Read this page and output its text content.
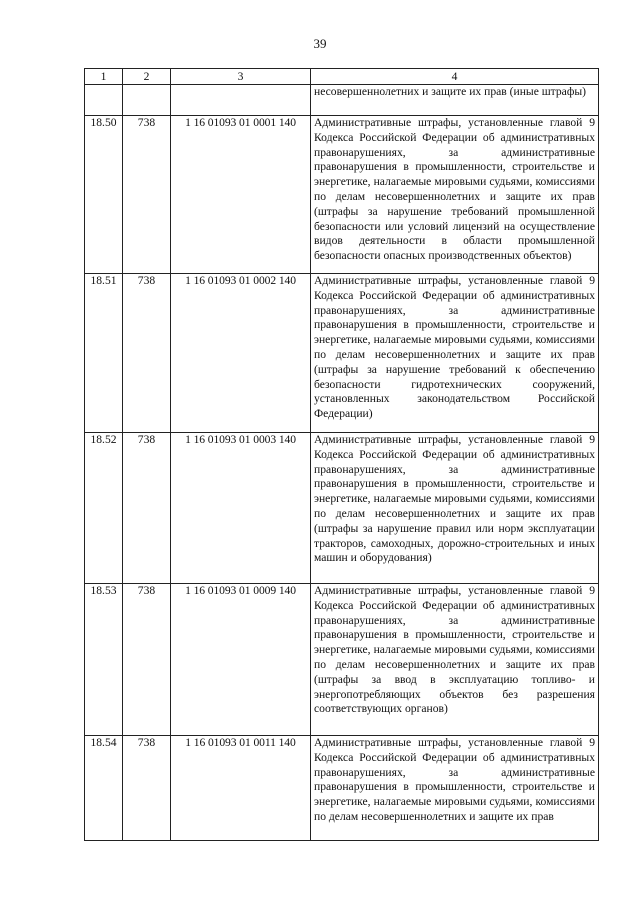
39
1	2	3	4
			несовершеннолетних и защите их прав (иные штрафы)
18.50	738	1 16 01093 01 0001 140	Административные штрафы, установленные главой 9 Кодекса Российской Федерации об административных правонарушениях, за административные правонарушения в промышленности, строительстве и энергетике, налагаемые мировыми судьями, комиссиями по делам несовершеннолетних и защите их прав (штрафы за нарушение требований промышленной безопасности или условий лицензий на осуществление видов деятельности в области промышленной безопасности опасных производственных объектов)
18.51	738	1 16 01093 01 0002 140	Административные штрафы, установленные главой 9 Кодекса Российской Федерации об административных правонарушениях, за административные правонарушения в промышленности, строительстве и энергетике, налагаемые мировыми судьями, комиссиями по делам несовершеннолетних и защите их прав (штрафы за нарушение требований к обеспечению безопасности гидротехнических сооружений, установленных законодательством Российской Федерации)
18.52	738	1 16 01093 01 0003 140	Административные штрафы, установленные главой 9 Кодекса Российской Федерации об административных правонарушениях, за административные правонарушения в промышленности, строительстве и энергетике, налагаемые мировыми судьями, комиссиями по делам несовершеннолетних и защите их прав (штрафы за нарушение правил или норм эксплуатации тракторов, самоходных, дорожно-строительных и иных машин и оборудования)
18.53	738	1 16 01093 01 0009 140	Административные штрафы, установленные главой 9 Кодекса Российской Федерации об административных правонарушениях, за административные правонарушения в промышленности, строительстве и энергетике, налагаемые мировыми судьями, комиссиями по делам несовершеннолетних и защите их прав (штрафы за ввод в эксплуатацию топливо- и энергопотребляющих объектов без разрешения соответствующих органов)
18.54	738	1 16 01093 01 0011 140	Административные штрафы, установленные главой 9 Кодекса Российской Федерации об административных правонарушениях, за административные правонарушения в промышленности, строительстве и энергетике, налагаемые мировыми судьями, комиссиями по делам несовершеннолетних и защите их прав
